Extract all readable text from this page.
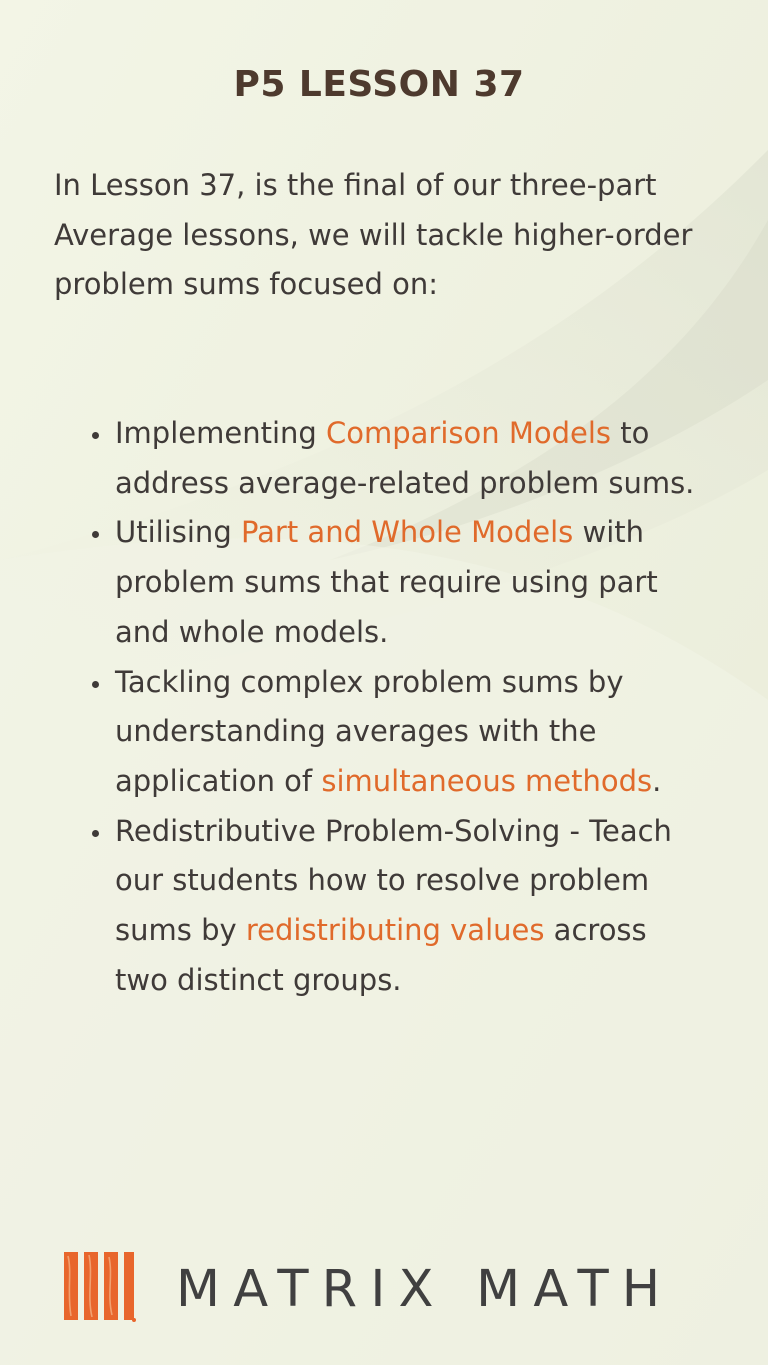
P5 LESSON 37

In Lesson 37, is the final of our three-part Average lessons, we will tackle higher-order problem sums focused on:

Implementing Comparison Models to address average-related problem sums.
Utilising Part and Whole Models with problem sums that require using part and whole models.
Tackling complex problem sums by understanding averages with the application of simultaneous methods.
Redistributive Problem-Solving - Teach our students how to resolve problem sums by redistributing values across two distinct groups.
MATRIX MATH
